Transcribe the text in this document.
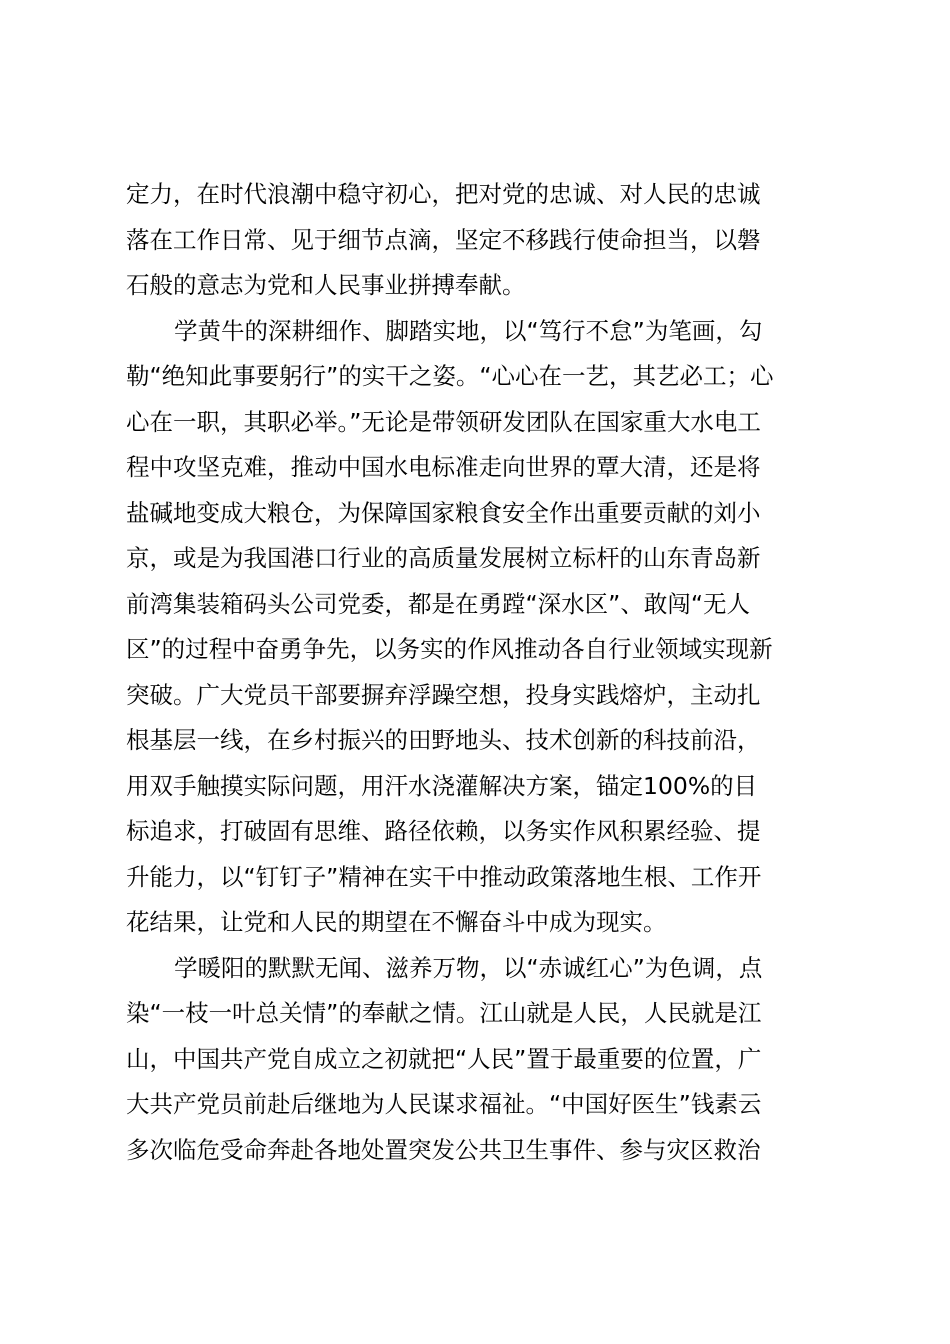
定力，在时代浪潮中稳守初心，把对党的忠诚、对人民的忠诚
落在工作日常、见于细节点滴，坚定不移践行使命担当，以磐
石般的意志为党和人民事业拼搏奉献。
学黄牛的深耕细作、脚踏实地，以“笃行不怠”为笔画，勾
勒“绝知此事要躬行”的实干之姿。“心心在一艺，其艺必工；心
心在一职，其职必举。”无论是带领研发团队在国家重大水电工
程中攻坚克难，推动中国水电标准走向世界的覃大清，还是将
盐碱地变成大粮仓，为保障国家粮食安全作出重要贡献的刘小
京，或是为我国港口行业的高质量发展树立标杆的山东青岛新
前湾集装箱码头公司党委，都是在勇蹚“深水区”、敢闯“无人
区”的过程中奋勇争先，以务实的作风推动各自行业领域实现新
突破。广大党员干部要摒弃浮躁空想，投身实践熔炉，主动扎
根基层一线，在乡村振兴的田野地头、技术创新的科技前沿，
用双手触摸实际问题，用汗水浇灌解决方案，锚定100%的目
标追求，打破固有思维、路径依赖，以务实作风积累经验、提
升能力，以“钉钉子”精神在实干中推动政策落地生根、工作开
花结果，让党和人民的期望在不懈奋斗中成为现实。
学暖阳的默默无闻、滋养万物，以“赤诚红心”为色调，点
染“一枝一叶总关情”的奉献之情。江山就是人民，人民就是江
山，中国共产党自成立之初就把“人民”置于最重要的位置，广
大共产党员前赴后继地为人民谋求福祉。“中国好医生”钱素云
多次临危受命奔赴各地处置突发公共卫生事件、参与灾区救治
